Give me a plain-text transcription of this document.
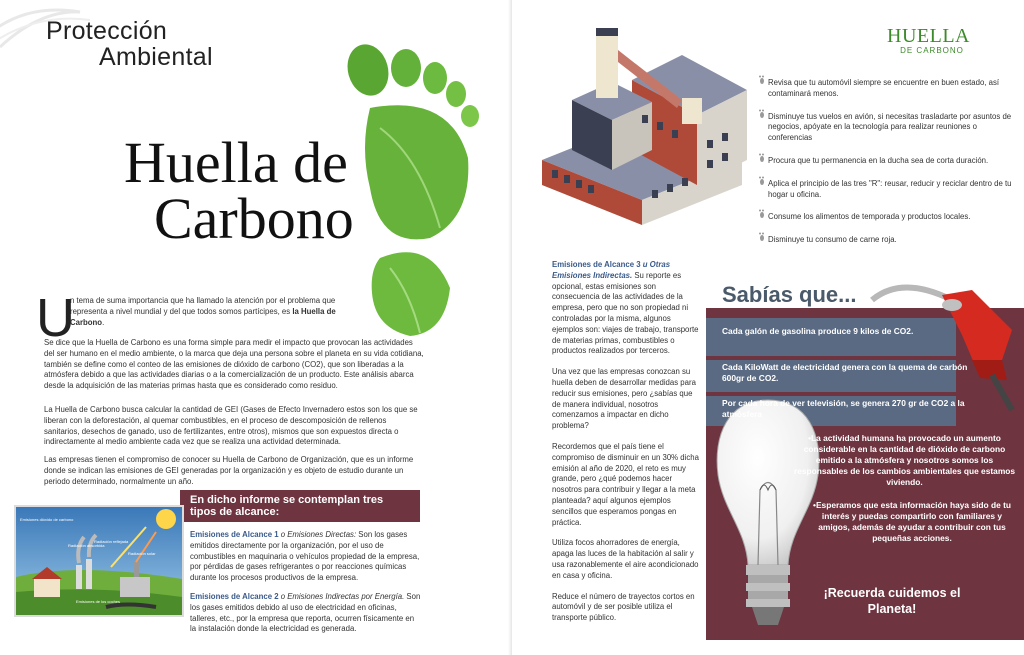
Protección
Ambiental
Huella de
Carbono
U
n tema de suma importancia que ha llamado la atención por el problema que representa a nivel mundial y del que todos somos partícipes, es la Huella de Carbono.
Se dice que la Huella de Carbono es una forma simple para medir el impacto que provocan las actividades del ser humano en el medio ambiente, o la marca que deja una persona sobre el planeta en su vida cotidiana, también se define como el conteo de las emisiones de dióxido de carbono (CO2), que son liberadas a la atmósfera debido a que las actividades diarias o a la comercialización de un producto. Este análisis abarca desde la adquisición de las materias primas hasta que es considerado como residuo.
La Huella de Carbono busca calcular la cantidad de GEI (Gases de Efecto Invernadero estos son los que se liberan con la deforestación, al quemar combustibles, en el proceso de descomposición de rellenos sanitarios, desechos de ganado, uso de fertilizantes, entre otros), mismos que son expuestos directa o indirectamente al medio ambiente cada vez que se realiza una actividad determinada.
Las empresas tienen el compromiso de conocer su Huella de Carbono de Organización, que es un informe donde se indican las emisiones de GEI generadas por la organización y es objeto de estudio durante un periodo determinado, normalmente un año.
En dicho informe se contemplan tres tipos de alcance:
Emisiones dióxido de carbono
Radiación absorbida
Radiación reflejada
Radiación solar
Emisiones de los coches
Emisiones de Alcance 1 o Emisiones Directas: Son los gases emitidos directamente por la organización, por el uso de combustibles en maquinaria o vehículos propiedad de la empresa, por pérdidas de gases refrigerantes o por reacciones químicas durante los procesos productivos de la empresa.
Emisiones de Alcance 2 o Emisiones Indirectas por Energía. Son los gases emitidos debido al uso de electricidad en oficinas, talleres, etc., por la empresa que reporta, ocurren físicamente en la instalación donde la electricidad es generada.
HUELLA
DE CARBONO
Revisa que tu automóvil siempre se encuentre en buen estado, así contaminará menos.
Disminuye tus vuelos en avión, si necesitas trasladarte por asuntos de negocios, apóyate en la tecnología para realizar reuniones o conferencias
Procura que tu permanencia en la ducha sea de corta duración.
Aplica el principio de las tres "R": reusar, reducir y reciclar dentro de tu hogar u oficina.
Consume los alimentos de temporada y productos locales.
Disminuye tu consumo de carne roja.
Emisiones de Alcance 3 u Otras Emisiones Indirectas. Su reporte es opcional, estas emisiones son consecuencia de las actividades de la empresa, pero que no son propiedad ni controladas por la misma, algunos ejemplos son: viajes de trabajo, transporte de materias primas, combustibles o productos realizados por terceros.
Una vez que las empresas conozcan su huella deben de desarrollar medidas para reducir sus emisiones, pero ¿sabías que de manera individual, nosotros comenzamos a impactar en dicho problema?
Recordemos que el país tiene el compromiso de disminuir en un 30% dicha emisión al año de 2020, el reto es muy grande, pero ¿qué podemos hacer nosotros para contribuir y llegar a la meta planteada? aquí algunos ejemplos sencillos que esperamos pongas en práctica.
Utiliza focos ahorradores de energía, apaga las luces de la habitación al salir y usa razonablemente el aire acondicionado en casa y oficina.
Reduce el número de trayectos cortos en automóvil y de ser posible utiliza el transporte público.
Sabías que...
Cada galón de gasolina produce 9 kilos de CO2.
Cada KiloWatt de electricidad genera con la quema de carbón 600gr de CO2.
Por cada hora de ver televisión, se genera 270 gr de CO2 a la atmósfera
•La actividad humana ha provocado un aumento considerable en la cantidad de dióxido de carbono emitido a la atmósfera y nosotros somos los responsables de los cambios ambientales que estamos viviendo.
•Esperamos que esta información haya sido de tu interés y puedas compartirlo con familiares y amigos, además de ayudar a contribuir con tus pequeñas acciones.
¡Recuerda cuidemos el Planeta!
